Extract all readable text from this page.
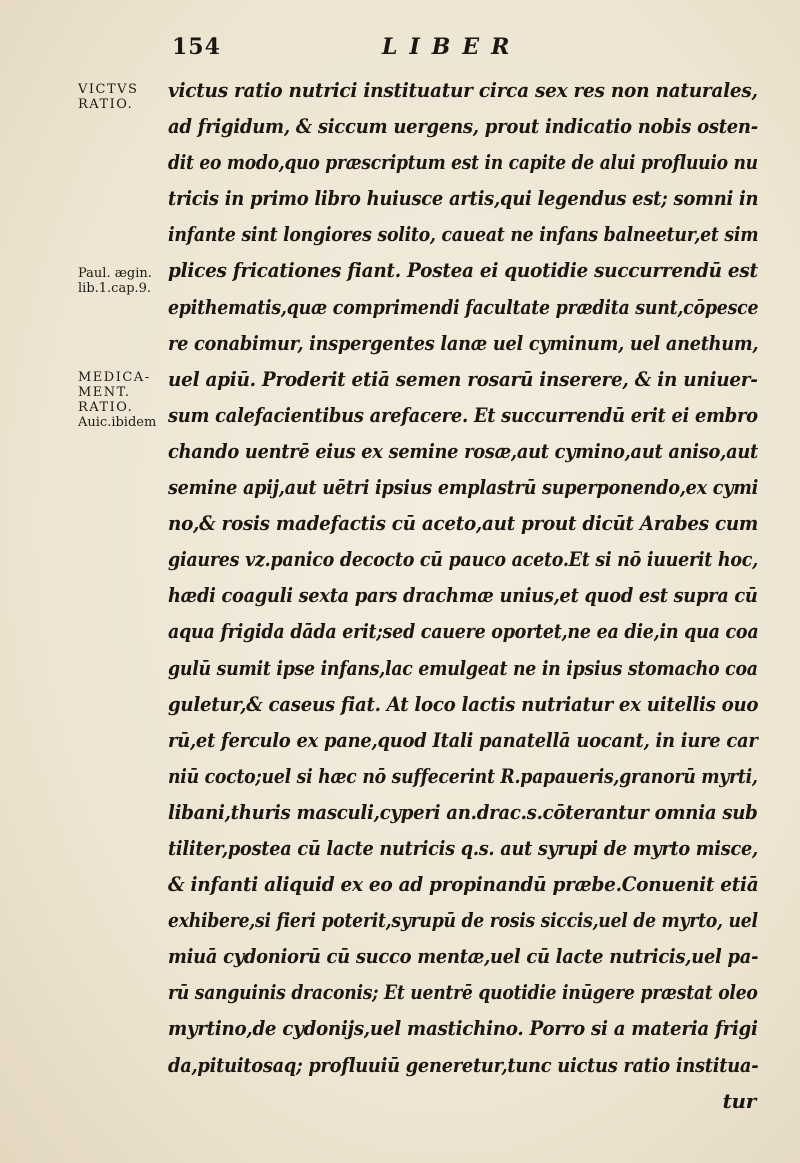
154	LIBER
VICTVS
RATIO.
Paul. ægin.
lib.1.cap.9.
MEDICA-
MENT.
RATIO.
Auic.ibidem
victus ratio nutrici instituatur circa sex res non naturales,
ad frigidum, & siccum uergens, prout indicatio nobis osten-
dit eo modo,quo præscriptum est in capite de alui profluuio nu
tricis in primo libro huiusce artis,qui legendus est; somni in
infante sint longiores solito, caueat ne infans balneetur,et sim
plices fricationes fiant. Postea ei quotidie succurrendū est
epithematis,quæ comprimendi facultate prædita sunt,cōpesce
re conabimur, inspergentes lanæ uel cyminum, uel anethum,
uel apiū. Proderit etiā semen rosarū inserere, & in uniuer-
sum calefacientibus arefacere. Et succurrendū erit ei embro
chando uentrē eius ex semine rosæ,aut cymino,aut aniso,aut
semine apij,aut uētri ipsius emplastrū superponendo,ex cymi
no,& rosis madefactis cū aceto,aut prout dicūt Arabes cum
giaures vz.panico decocto cū pauco aceto.Et si nō iuuerit hoc,
hædi coaguli sexta pars drachmæ unius,et quod est supra cū
aqua frigida dāda erit;sed cauere oportet,ne ea die,in qua coa
gulū sumit ipse infans,lac emulgeat ne in ipsius stomacho coa
guletur,& caseus fiat. At loco lactis nutriatur ex uitellis ouo
rū,et ferculo ex pane,quod Itali panatellā uocant, in iure car
niū cocto;uel si hæc nō suffecerint R.papaueris,granorū myrti,
libani,thuris masculi,cyperi an.drac.s.cōterantur omnia sub
tiliter,postea cū lacte nutricis q.s. aut syrupi de myrto misce,
& infanti aliquid ex eo ad propinandū præbe.Conuenit etiā
exhibere,si fieri poterit,syrupū de rosis siccis,uel de myrto, uel
miuā cydoniorū cū succo mentæ,uel cū lacte nutricis,uel pa-
rū sanguinis draconis; Et uentrē quotidie inūgere præstat oleo
myrtino,de cydonijs,uel mastichino. Porro si a materia frigi
da,pituitosaq; profluuiū generetur,tunc uictus ratio institua-
tur
